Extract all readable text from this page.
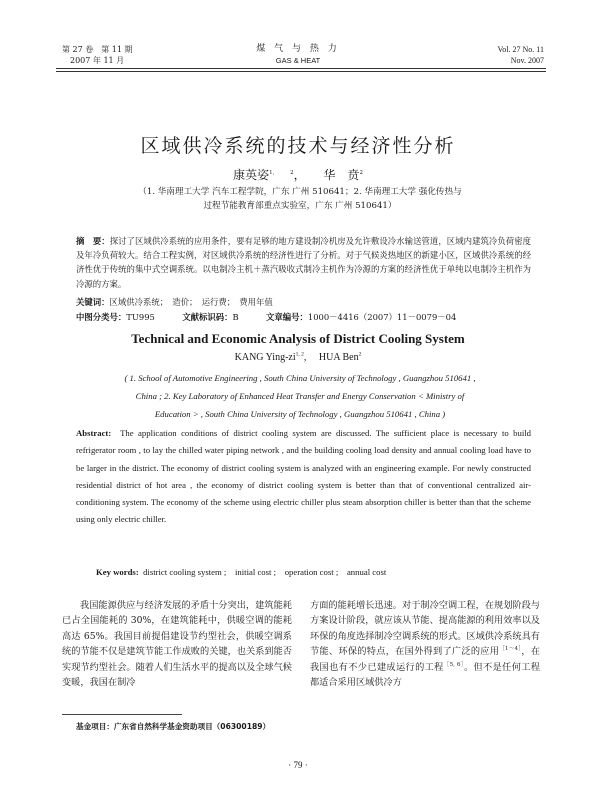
第 27 卷　第 11 期
2007 年 11 月
煤 气 与 热 力
GAS & HEAT
Vol. 27 No. 11
Nov. 2007
区域供冷系统的技术与经济性分析
康英姿$^{1, 2}$， 华　贲$^2$
（1. 华南理工大学 汽车工程学院，广东 广州 510641；2. 华南理工大学 强化传热与
过程节能教育部重点实验室，广东 广州 510641）
摘　要：探讨了区域供冷系统的应用条件，要有足够的地方建设制冷机房及允许敷设冷水输送管道，区域内建筑冷负荷密度及年冷负荷较大。结合工程实例，对区域供冷系统的经济性进行了分析。对于气候炎热地区的新建小区，区域供冷系统的经济性优于传统的集中式空调系统。以电制冷主机＋蒸汽吸收式制冷主机作为冷源的方案的经济性优于单纯以电制冷主机作为冷源的方案。
关键词：区域供冷系统；　造价；　运行费；　费用年值
中图分类号：TU995	文献标识码：B	文章编号：1000－4416（2007）11－0079－04
Technical and Economic Analysis of District Cooling System
KANG Ying-zi$^{1, 2}$, HUA Ben$^2$
( 1. School of Automotive Engineering , South China University of Technology , Guangzhou 510641 ,
China ; 2. Key Laboratory of Enhanced Heat Transfer and Energy Conservation < Ministry of
Education > , South China University of Technology , Guangzhou 510641 , China )
Abstract: The application conditions of district cooling system are discussed. The sufficient place is necessary to build refrigerator room , to lay the chilled water piping network , and the building cooling load density and annual cooling load have to be larger in the district. The economy of district cooling system is analyzed with an engineering example. For newly constructed residential district of hot area , the economy of district cooling system is better than that of conventional centralized air-conditioning system. The economy of the scheme using electric chiller plus steam absorption chiller is better than that the scheme using only electric chiller.
Key words: district cooling system ;　initial cost ;　operation cost ;　annual cost
我国能源供应与经济发展的矛盾十分突出，建筑能耗已占全国能耗的 30%，在建筑能耗中，供暖空调的能耗高达 65%。我国目前提倡建设节约型社会，供暖空调系统的节能不仅是建筑节能工作成败的关键，也关系到能否实现节约型社会。随着人们生活水平的提高以及全球气候变暖，我国在制冷
方面的能耗增长迅速。对于制冷空调工程，在规划阶段与方案设计阶段，就应该从节能、提高能源的利用效率以及环保的角度选择制冷空调系统的形式。区域供冷系统具有节能、环保的特点，在国外得到了广泛的应用$^{[1\sim 4]}$，在我国也有不少已建成运行的工程$^{[5, 6]}$。但不是任何工程都适合采用区域供冷方
基金项目：广东省自然科学基金资助项目（06300189）
· 79 ·
